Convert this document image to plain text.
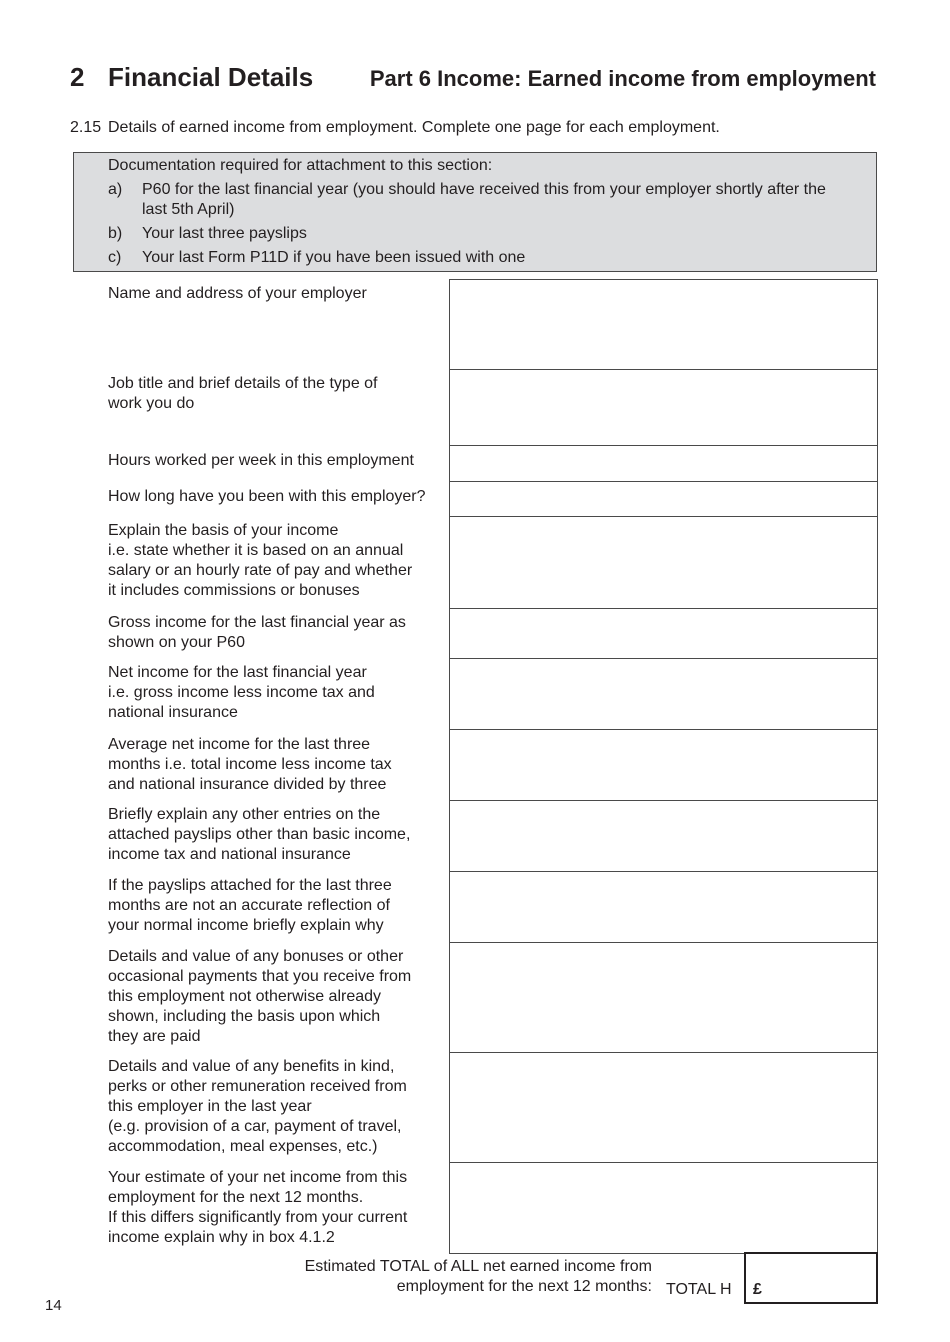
2 Financial Details	Part 6 Income: Earned income from employment
2.15 Details of earned income from employment. Complete one page for each employment.
Documentation required for attachment to this section:
a) P60 for the last financial year (you should have received this from your employer shortly after the last 5th April)
b) Your last three payslips
c) Your last Form P11D if you have been issued with one
Name and address of your employer
Job title and brief details of the type of
work you do
Hours worked per week in this employment
How long have you been with this employer?
Explain the basis of your income
i.e. state whether it is based on an annual
salary or an hourly rate of pay and whether
it includes commissions or bonuses
Gross income for the last financial year as
shown on your P60
Net income for the last financial year
i.e. gross income less income tax and
national insurance
Average net income for the last three
months i.e. total income less income tax
and national insurance divided by three
Briefly explain any other entries on the
attached payslips other than basic income,
income tax and national insurance
If the payslips attached for the last three
months are not an accurate reflection of
your normal income briefly explain why
Details and value of any bonuses or other
occasional payments that you receive from
this employment not otherwise already
shown, including the basis upon which
they are paid
Details and value of any benefits in kind,
perks or other remuneration received from
this employer in the last year
(e.g. provision of a car, payment of travel,
accommodation, meal expenses, etc.)
Your estimate of your net income from this
employment for the next 12 months.
If this differs significantly from your current
income explain why in box 4.1.2
Estimated TOTAL of ALL net earned income from
employment for the next 12 months: TOTAL H £
14
